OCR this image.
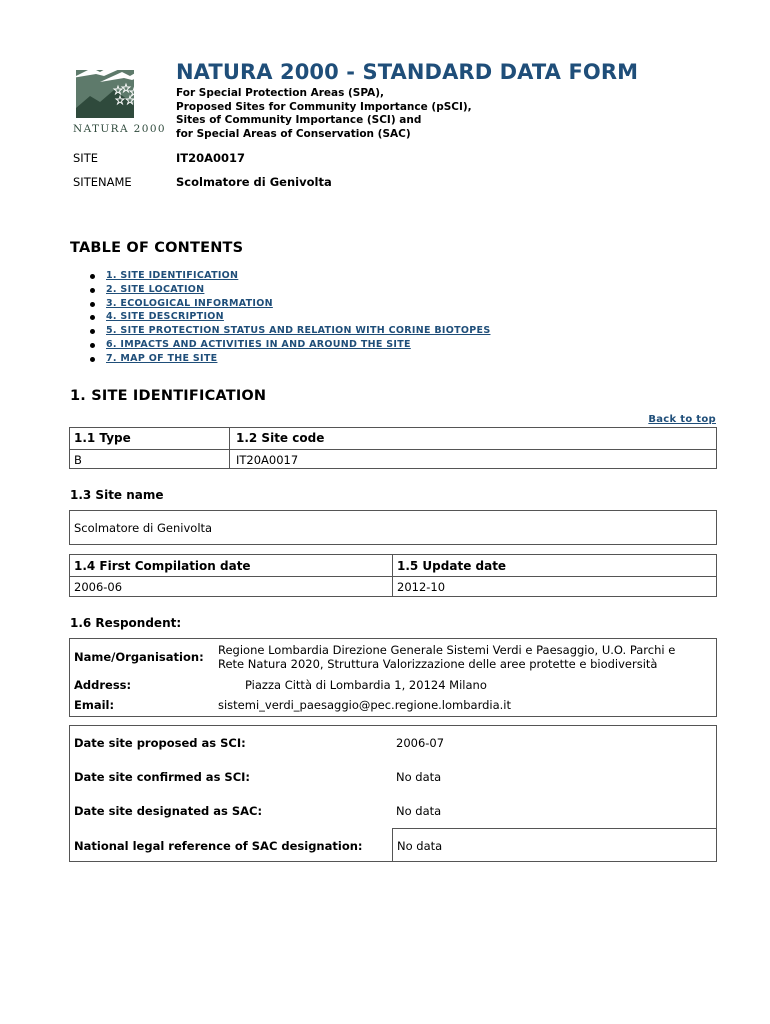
NATURA 2000
NATURA 2000 - STANDARD DATA FORM
For Special Protection Areas (SPA),
Proposed Sites for Community Importance (pSCI),
Sites of Community Importance (SCI) and
for Special Areas of Conservation (SAC)
SITE	IT20A0017
SITENAME	Scolmatore di Genivolta
TABLE OF CONTENTS
1. SITE IDENTIFICATION
2. SITE LOCATION
3. ECOLOGICAL INFORMATION
4. SITE DESCRIPTION
5. SITE PROTECTION STATUS AND RELATION WITH CORINE BIOTOPES
6. IMPACTS AND ACTIVITIES IN AND AROUND THE SITE
7. MAP OF THE SITE
1. SITE IDENTIFICATION
Back to top
1.1 Type	1.2 Site code
B	IT20A0017
1.3 Site name
Scolmatore di Genivolta
1.4 First Compilation date	1.5 Update date
2006-06	2012-10
1.6 Respondent:
Name/Organisation: Regione Lombardia Direzione Generale Sistemi Verdi e Paesaggio, U.O. Parchi e
Rete Natura 2020, Struttura Valorizzazione delle aree protette e biodiversità
Address:	Piazza Città di Lombardia 1, 20124 Milano
Email:	sistemi_verdi_paesaggio@pec.regione.lombardia.it
Date site proposed as SCI:	2006-07
Date site confirmed as SCI:	No data
Date site designated as SAC:	No data
National legal reference of SAC designation:	No data
